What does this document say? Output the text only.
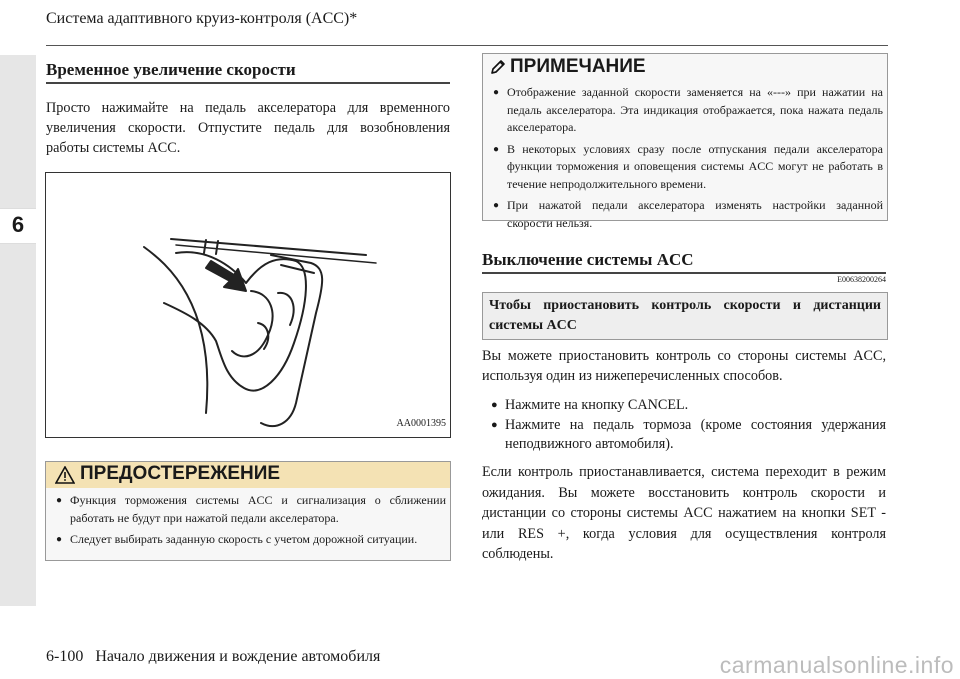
Система адаптивного круиз-контроля (ACC)*
6
Временное увеличение скорости
Просто нажимайте на педаль акселератора для временного увеличения скорости. Отпустите педаль для возобновления работы системы ACC.
AA0001395
ПРЕДОСТЕРЕЖЕНИЕ
● Функция торможения системы ACC и сигнализация о сближении работать не будут при нажатой педали акселератора.
● Следует выбирать заданную скорость с учетом дорожной ситуации.
ПРИМЕЧАНИЕ
● Отображение заданной скорости заменяется на «---» при нажатии на педаль акселератора. Эта индикация отображается, пока нажата педаль акселератора.
● В некоторых условиях сразу после отпускания педали акселератора функции торможения и оповещения системы ACC могут не работать в течение непродолжительного времени.
● При нажатой педали акселератора изменять настройки заданной скорости нельзя.
Выключение системы ACC
E00638200264
Чтобы приостановить контроль скорости и дистанции системы ACC
Вы можете приостановить контроль со стороны системы ACC, используя один из нижеперечисленных способов.
● Нажмите на кнопку CANCEL.
● Нажмите на педаль тормоза (кроме состояния удержания неподвижного автомобиля).
Если контроль приостанавливается, система переходит в режим ожидания. Вы можете восстановить контроль скорости и дистанции со стороны системы ACC нажатием на кнопки SET - или RES +, когда условия для осуществления контроля соблюдены.
6-100   Начало движения и вождение автомобиля	carmanualsonline.info
